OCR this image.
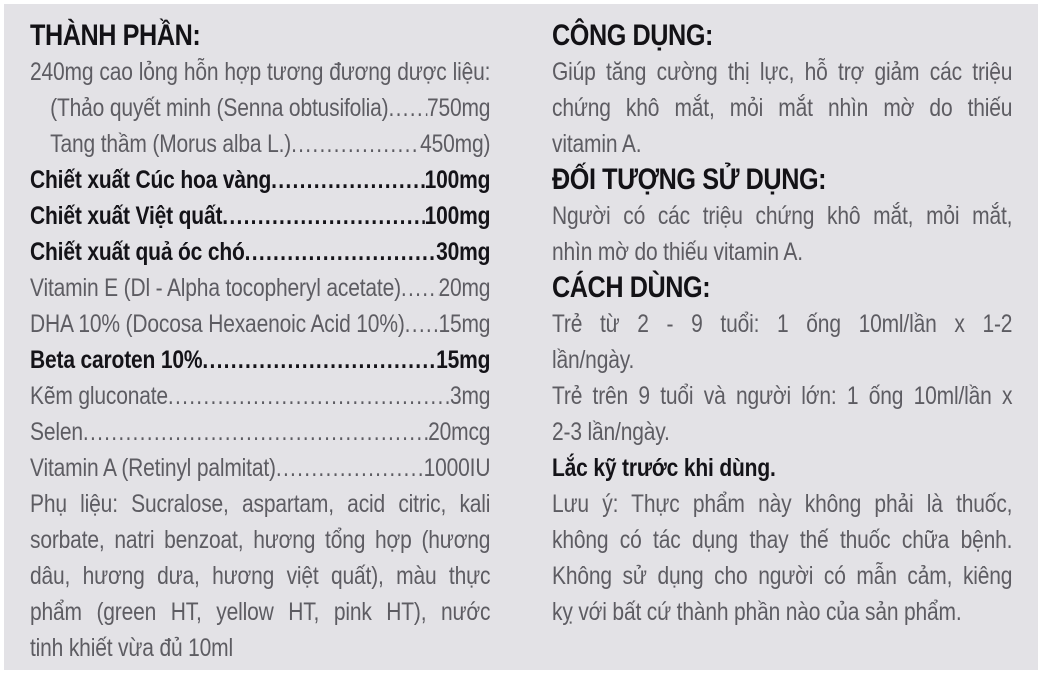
THÀNH PHẦN:
240mg cao lỏng hỗn hợp tương đương dược liệu:
(Thảo quyết minh (Senna obtusifolia) ..... 750mg
Tang thầm (Morus alba L.) .....	450mg)
Chiết xuất Cúc hoa vàng .....	100mg
Chiết xuất Việt quất .....	100mg
Chiết xuất quả óc chó .....	30mg
Vitamin E (Dl - Alpha tocopheryl acetate) ..... 20mg
DHA 10% (Docosa Hexaenoic Acid 10%) ..... 15mg
Beta caroten 10% .....	15mg
Kẽm gluconate .....	3mg
Selen .....	20mcg
Vitamin A (Retinyl palmitat) .....	1000IU
Phụ liệu: Sucralose, aspartam, acid citric, kali
sorbate, natri benzoat, hương tổng hợp (hương
dâu, hương dưa, hương việt quất), màu thực
phẩm (green HT, yellow HT, pink HT), nước
tinh khiết vừa đủ 10ml
CÔNG DỤNG:
Giúp tăng cường thị lực, hỗ trợ giảm các triệu
chứng khô mắt, mỏi mắt nhìn mờ do thiếu
vitamin A.
ĐỐI TƯỢNG SỬ DỤNG:
Người có các triệu chứng khô mắt, mỏi mắt,
nhìn mờ do thiếu vitamin A.
CÁCH DÙNG:
Trẻ từ 2 - 9 tuổi: 1 ống 10ml/lần x 1-2
lần/ngày.
Trẻ trên 9 tuổi và người lớn: 1 ống 10ml/lần x
2-3 lần/ngày.
Lắc kỹ trước khi dùng.
Lưu ý: Thực phẩm này không phải là thuốc,
không có tác dụng thay thế thuốc chữa bệnh.
Không sử dụng cho người có mẫn cảm, kiêng
kỵ với bất cứ thành phần nào của sản phẩm.
